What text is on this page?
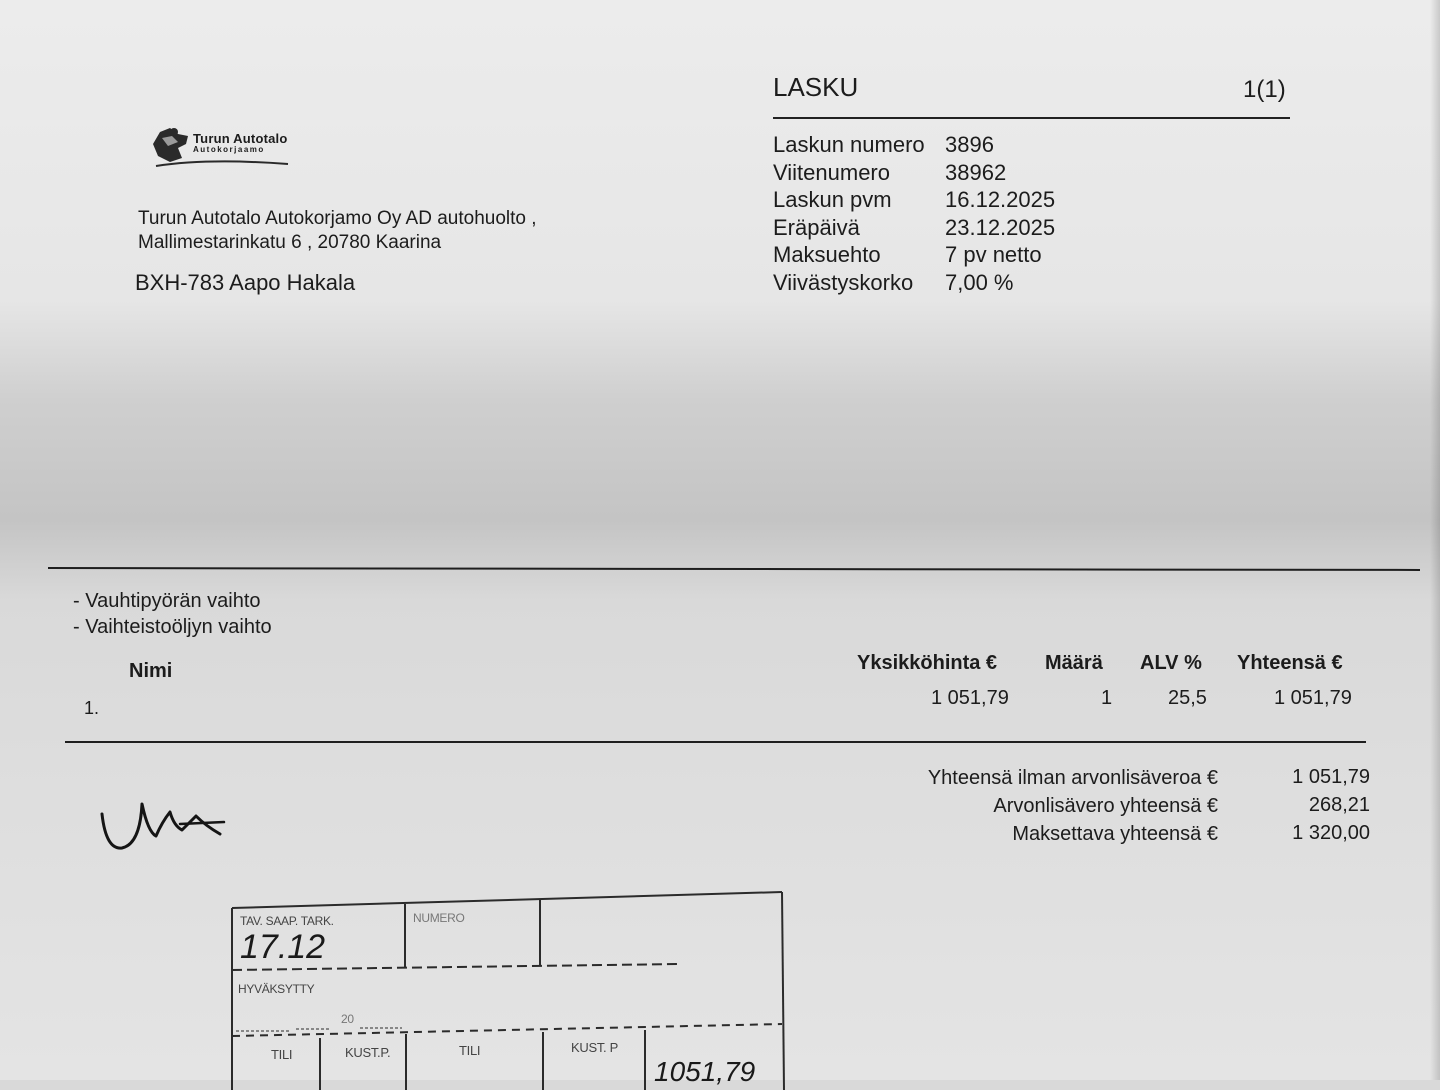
LASKU	1(1)
Laskun numero 3896
Viitenumero	38962
Laskun pvm	16.12.2025
Eräpäivä	23.12.2025
Maksuehto	7 pv netto
Viivästyskorko	7,00 %
Turun Autotalo
Autokorjaamo
Turun Autotalo Autokorjamo Oy AD autohuolto ,
Mallimestarinkatu 6 , 20780 Kaarina
BXH-783 Aapo Hakala
- Vauhtipyörän vaihto
- Vaihteistoöljyn vaihto
Nimi	Yksikköhinta € Määrä ALV % Yhteensä €
1.	1 051,79	1	25,5	1 051,79
Yhteensä ilman arvonlisäveroa €	1 051,79
Arvonlisävero yhteensä €	268,21
Maksettava yhteensä €	1 320,00
TAV. SAAP. TARK.
17.12
NUMERO
HYVÄKSYTTY
20
TILI	KUST.P.	TILI	KUST. P
1051,79
